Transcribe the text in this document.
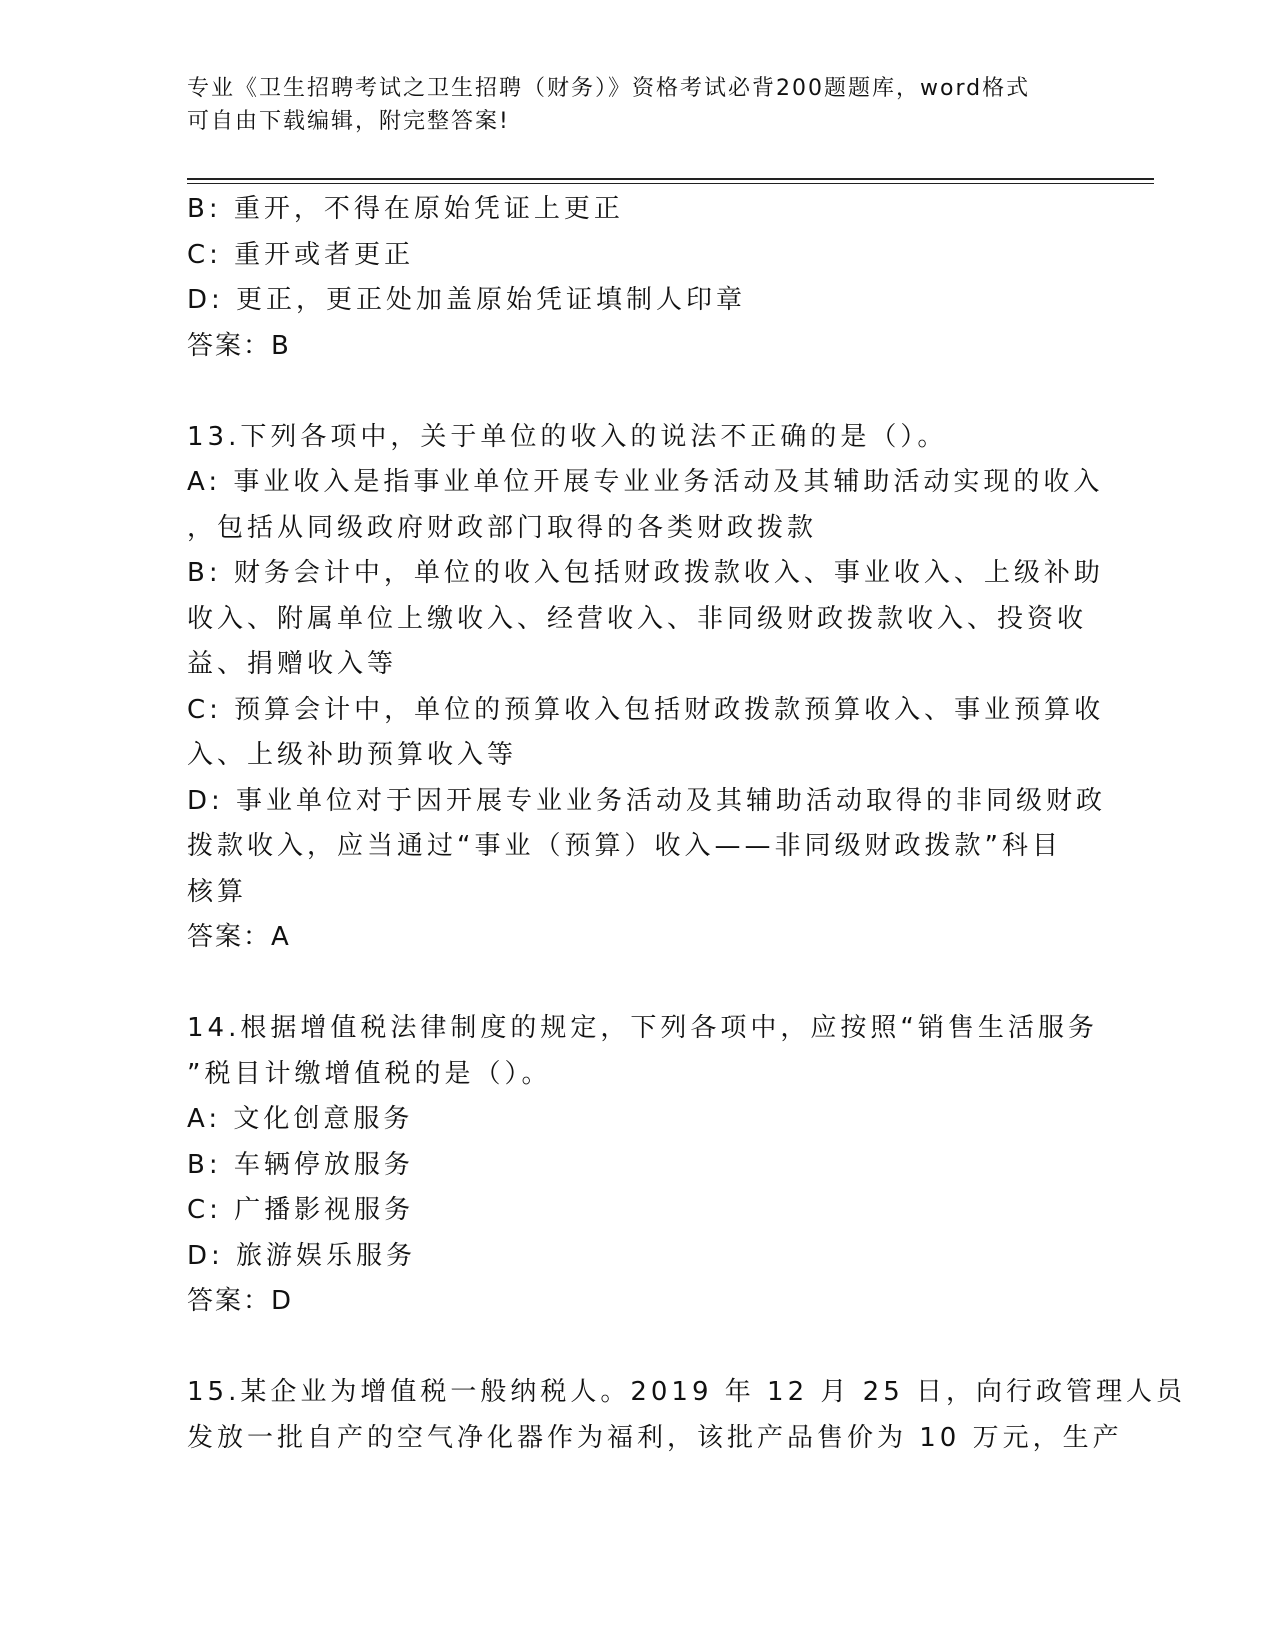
专业《卫生招聘考试之卫生招聘（财务）》资格考试必背200题题库，word格式
可自由下载编辑，附完整答案!
B: 重开，不得在原始凭证上更正
C: 重开或者更正
D: 更正，更正处加盖原始凭证填制人印章
答案：B
13.下列各项中，关于单位的收入的说法不正确的是（）。
A: 事业收入是指事业单位开展专业业务活动及其辅助活动实现的收入
，包括从同级政府财政部门取得的各类财政拨款
B: 财务会计中，单位的收入包括财政拨款收入、事业收入、上级补助
收入、附属单位上缴收入、经营收入、非同级财政拨款收入、投资收
益、捐赠收入等
C: 预算会计中，单位的预算收入包括财政拨款预算收入、事业预算收
入、上级补助预算收入等
D: 事业单位对于因开展专业业务活动及其辅助活动取得的非同级财政
拨款收入，应当通过“事业（预算）收入——非同级财政拨款”科目
核算
答案：A
14.根据增值税法律制度的规定，下列各项中，应按照“销售生活服务
”税目计缴增值税的是（）。
A: 文化创意服务
B: 车辆停放服务
C: 广播影视服务
D: 旅游娱乐服务
答案：D
15.某企业为增值税一般纳税人。2019 年 12 月 25 日，向行政管理人员
发放一批自产的空气净化器作为福利，该批产品售价为 10 万元，生产
